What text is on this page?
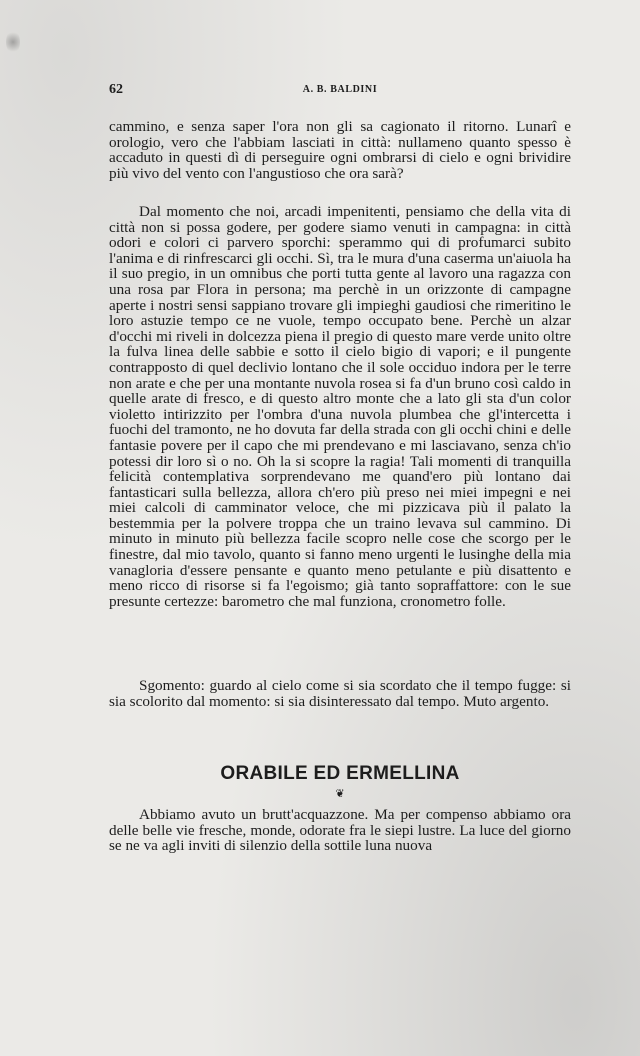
62	A. B. BALDINI

cammino, e senza saper l'ora non gli sa cagionato il ritorno. Lunarî e orologio, vero che l'abbiam lasciati in città: nullameno quanto spesso è accaduto in questi dì di perseguire ogni ombrarsi di cielo e ogni brividire più vivo del vento con l'angustioso che ora sarà?

Dal momento che noi, arcadi impenitenti, pensiamo che della vita di città non si possa godere, per godere siamo venuti in campagna: in città odori e colori ci parvero sporchi: sperammo qui di profumarci subito l'anima e di rinfrescarci gli occhi. Sì, tra le mura d'una caserma un'aiuola ha il suo pregio, in un omnibus che porti tutta gente al lavoro una ragazza con una rosa par Flora in persona; ma perchè in un orizzonte di campagne aperte i nostri sensi sappiano trovare gli impieghi gaudiosi che rimeritino le loro astuzie tempo ce ne vuole, tempo occupato bene. Perchè un alzar d'occhi mi riveli in dolcezza piena il pregio di questo mare verde unito oltre la fulva linea delle sabbie e sotto il cielo bigio di vapori; e il pungente contrapposto di quel declivio lontano che il sole occiduo indora per le terre non arate e che per una montante nuvola rosea si fa d'un bruno così caldo in quelle arate di fresco, e di questo altro monte che a lato gli sta d'un color violetto intirizzito per l'ombra d'una nuvola plumbea che gl'intercetta i fuochi del tramonto, ne ho dovuta far della strada con gli occhi chini e delle fantasie povere per il capo che mi prendevano e mi lasciavano, senza ch'io potessi dir loro sì o no. Oh la si scopre la ragia! Tali momenti di tranquilla felicità contemplativa sorprendevano me quand'ero più lontano dai fantasticari sulla bellezza, allora ch'ero più preso nei miei impegni e nei miei calcoli di camminator veloce, che mi pizzicava più il palato la bestemmia per la polvere troppa che un traino levava sul cammino. Di minuto in minuto più bellezza facile scopro nelle cose che scorgo per le finestre, dal mio tavolo, quanto si fanno meno urgenti le lusinghe della mia vanagloria d'essere pensante e quanto meno petulante e più disattento e meno ricco di risorse si fa l'egoismo; già tanto sopraffattore: con le sue presunte certezze: barometro che mal funziona, cronometro folle.

Sgomento: guardo al cielo come si sia scordato che il tempo fugge: si sia scolorito dal momento: si sia disinteressato dal tempo. Muto argento.

ORABILE ED ERMELLINA
❦

Abbiamo avuto un brutt'acquazzone. Ma per compenso abbiamo ora delle belle vie fresche, monde, odorate fra le siepi lustre. La luce del giorno se ne va agli inviti di silenzio della sottile luna nuova
